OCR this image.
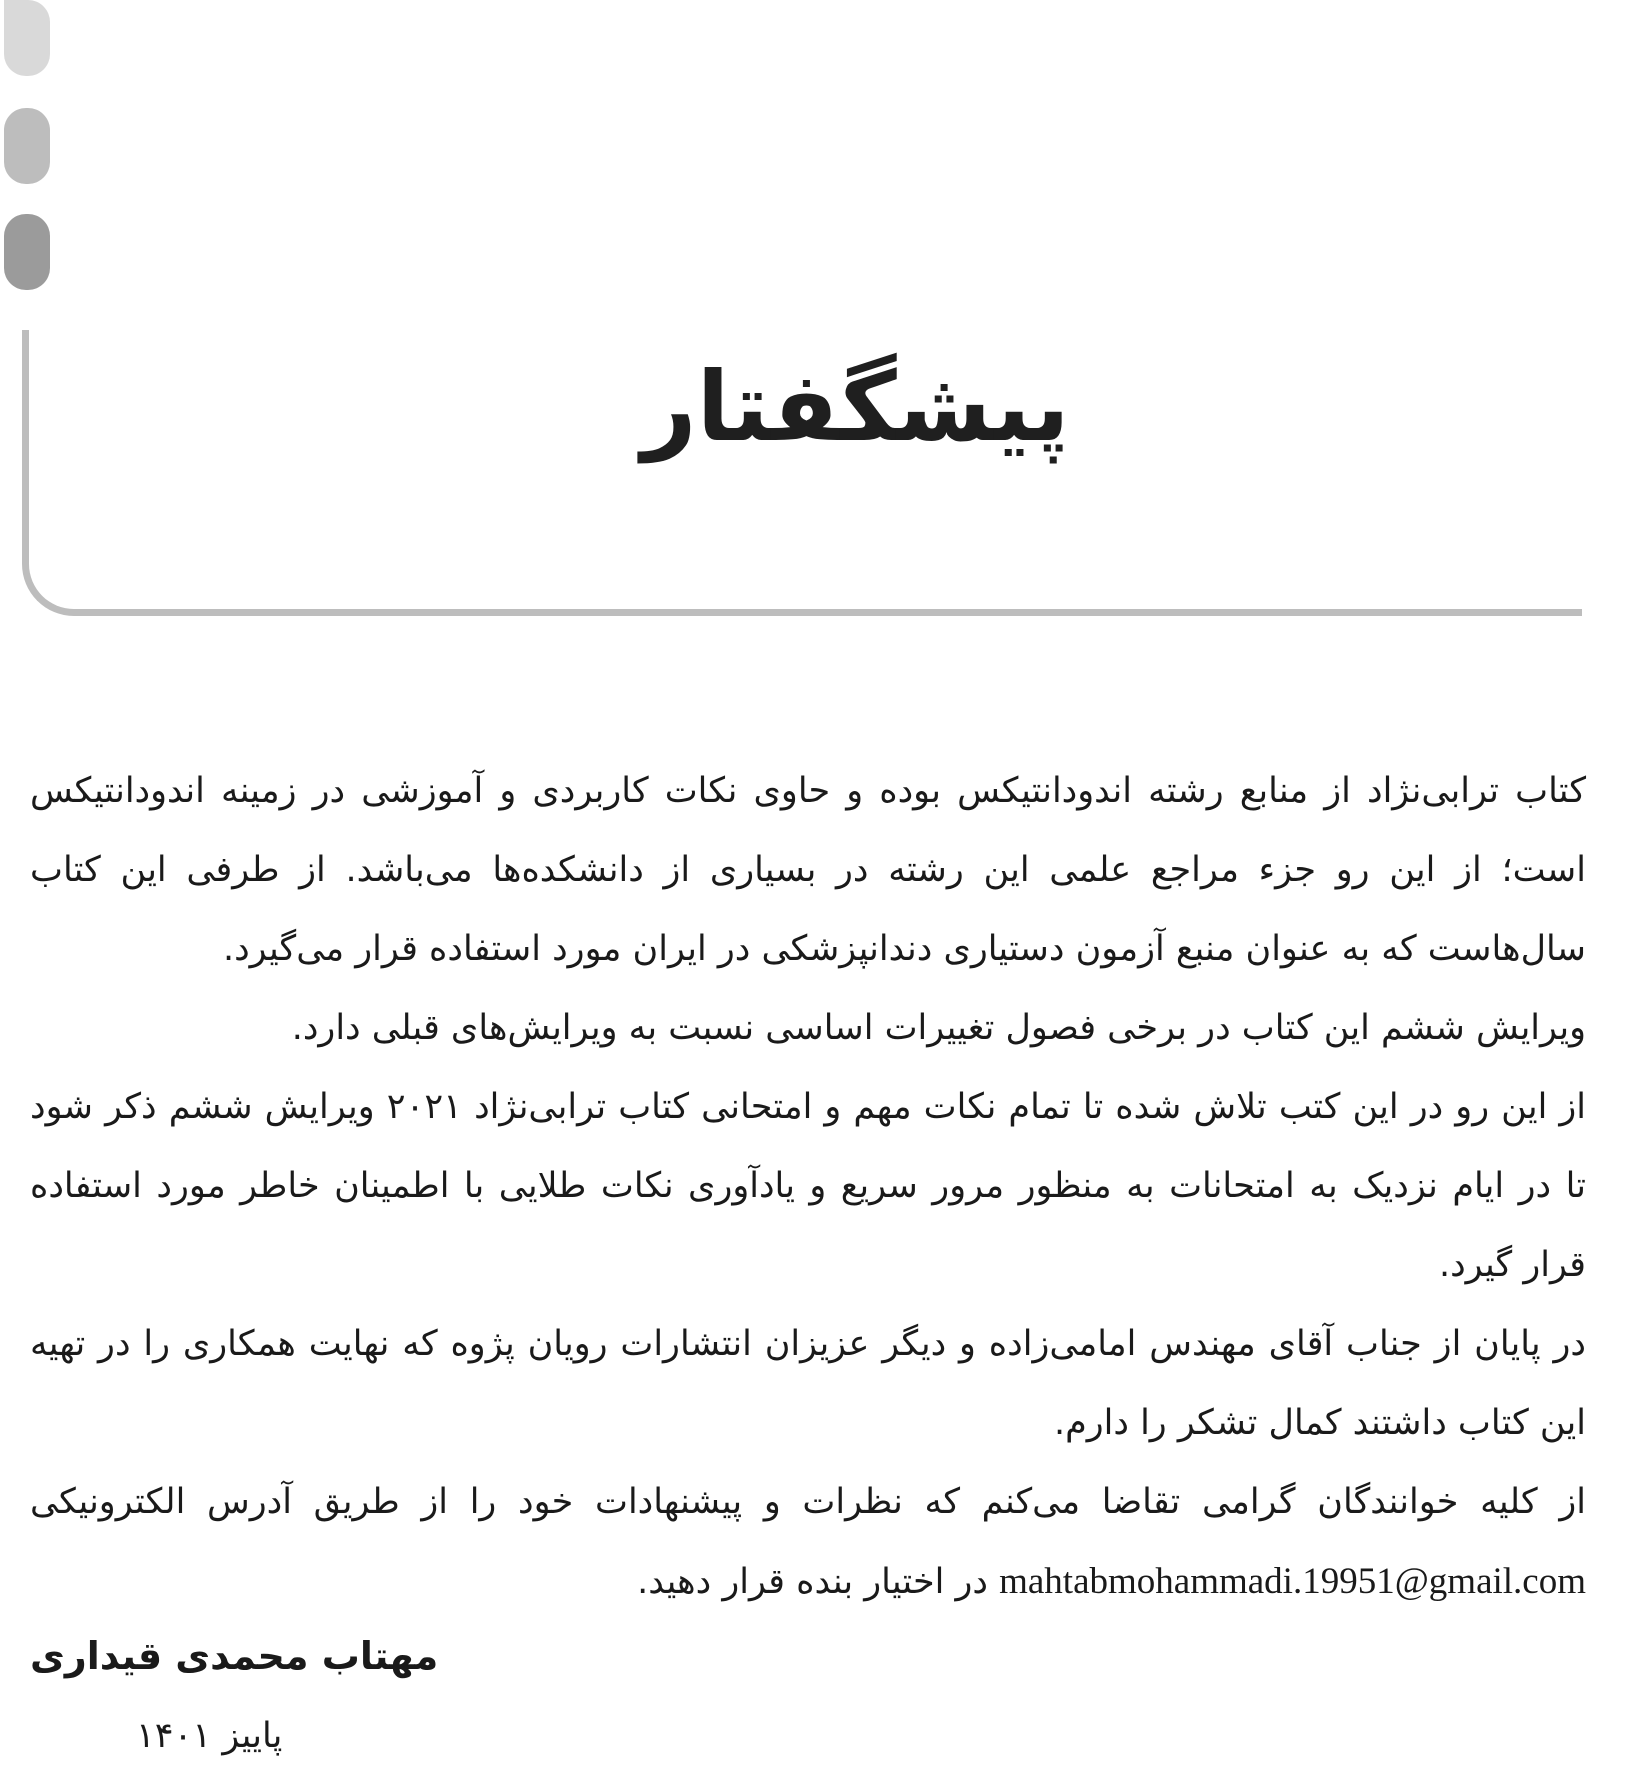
پیشگفتار

کتاب ترابی‌نژاد از منابع رشته اندودانتیکس بوده و حاوی نکات کاربردی و آموزشی در زمینه اندودانتیکس است؛ از این رو جزء مراجع علمی این رشته در بسیاری از دانشکده‌ها می‌باشد. از طرفی این کتاب سال‌هاست که به عنوان منبع آزمون دستیاری دندانپزشکی در ایران مورد استفاده قرار می‌گیرد.

ویرایش ششم این کتاب در برخی فصول تغییرات اساسی نسبت به ویرایش‌های قبلی دارد.

از این رو در این کتب تلاش شده تا تمام نکات مهم و امتحانی کتاب ترابی‌نژاد ۲۰۲۱ ویرایش ششم ذکر شود تا در ایام نزدیک به امتحانات به منظور مرور سریع و یادآوری نکات طلایی با اطمینان خاطر مورد استفاده قرار گیرد.

در پایان از جناب آقای مهندس امامی‌زاده و دیگر عزیزان انتشارات رویان پژوه که نهایت همکاری را در تهیه این کتاب داشتند کمال تشکر را دارم.

از کلیه خوانندگان گرامی تقاضا می‌کنم که نظرات و پیشنهادات خود را از طریق آدرس الکترونیکی mahtabmohammadi.19951@gmail.com در اختیار بنده قرار دهید.

مهتاب محمدی قیداری
پاییز ۱۴۰۱
